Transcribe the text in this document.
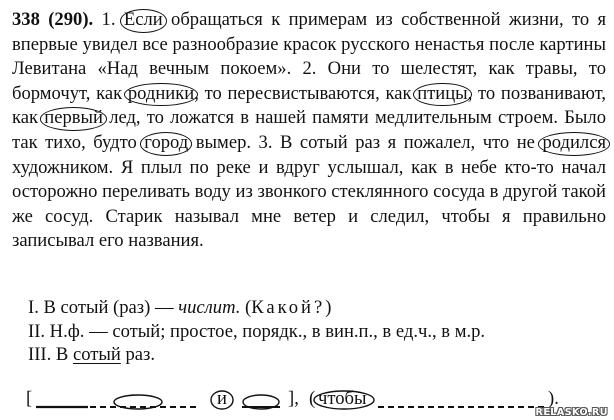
338 (290). 1. Если обращаться к примерам из собственной жизни, то я впервые увидел все разнообразие красок русского ненастья после картины Левитана «Над вечным покоем». 2. Они то шелестят, как травы, то бормочут, как родники, то пересвистываются, как птицы, то позванивают, как первый лед, то ложатся в нашей памяти медлительным строем. Было так тихо, будто город вымер. 3. В сотый раз я пожалел, что не родился художником. Я плыл по реке и вдруг услышал, как в небе кто-то начал осторожно переливать воду из звонкого стеклянного сосуда в другой такой же сосуд. Старик называл мне ветер и следил, чтобы я правильно записывал его названия.
I. В сотый (раз) — числит. (Какой?)
II. Н.ф. — сотый; простое, порядк., в вин.п., в ед.ч., в м.р.
III. В сотый раз.
[	и	], ( чтобы	).
RELASKO.RU
